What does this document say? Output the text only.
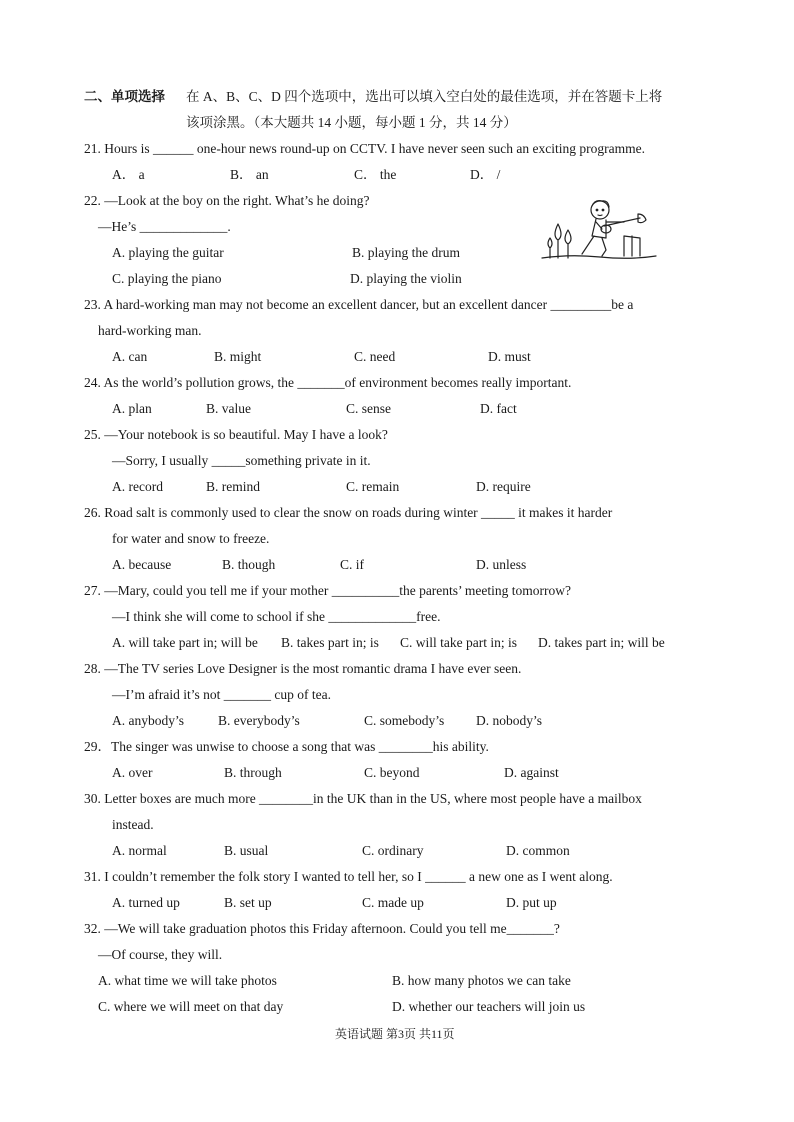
二、单项选择 在 A、B、C、D 四个选项中，选出可以填入空白处的最佳选项，并在答题卡上将
该项涂黑。（本大题共 14 小题，每小题 1 分，共 14 分）
21. Hours is ______ one-hour news round-up on CCTV. I have never seen such an exciting programme.
A． a	B． an	C． the	D． /
22. —Look at the boy on the right. What’s he doing?
—He’s _____________.
A. playing the guitar	B. playing the drum
C. playing the piano	D. playing the violin
23. A hard-working man may not become an excellent dancer, but an excellent dancer _________be a
hard-working man.
A. can	B. might	C. need	D. must
24. As the world’s pollution grows, the _______of environment becomes really important.
A. plan	B. value	C. sense	D. fact
25. —Your notebook is so beautiful. May I have a look?
—Sorry, I usually _____something private in it.
A. record	B. remind	C. remain	D. require
26. Road salt is commonly used to clear the snow on roads during winter _____ it makes it harder
for water and snow to freeze.
A. because	B. though	C. if	D. unless
27. —Mary, could you tell me if your mother __________the parents’ meeting tomorrow?
—I think she will come to school if she _____________free.
A. will take part in; will be B. takes part in; is C. will take part in; is D. takes part in; will be
28. —The TV series Love Designer is the most romantic drama I have ever seen.
—I’m afraid it’s not _______ cup of tea.
A. anybody’s	B. everybody’s	C. somebody’s D. nobody’s
29．The singer was unwise to choose a song that was ________his ability.
A. over	B. through	C. beyond	D. against
30. Letter boxes are much more ________in the UK than in the US, where most people have a mailbox
instead.
A. normal	B. usual	C. ordinary	D. common
31. I couldn’t remember the folk story I wanted to tell her, so I ______ a new one as I went along.
A. turned up	B. set up	C. made up	D. put up
32. —We will take graduation photos this Friday afternoon. Could you tell me_______?
—Of course, they will.
A. what time we will take photos	B. how many photos we can take
C. where we will meet on that day	D. whether our teachers will join us
英语试题 第3页 共11页
